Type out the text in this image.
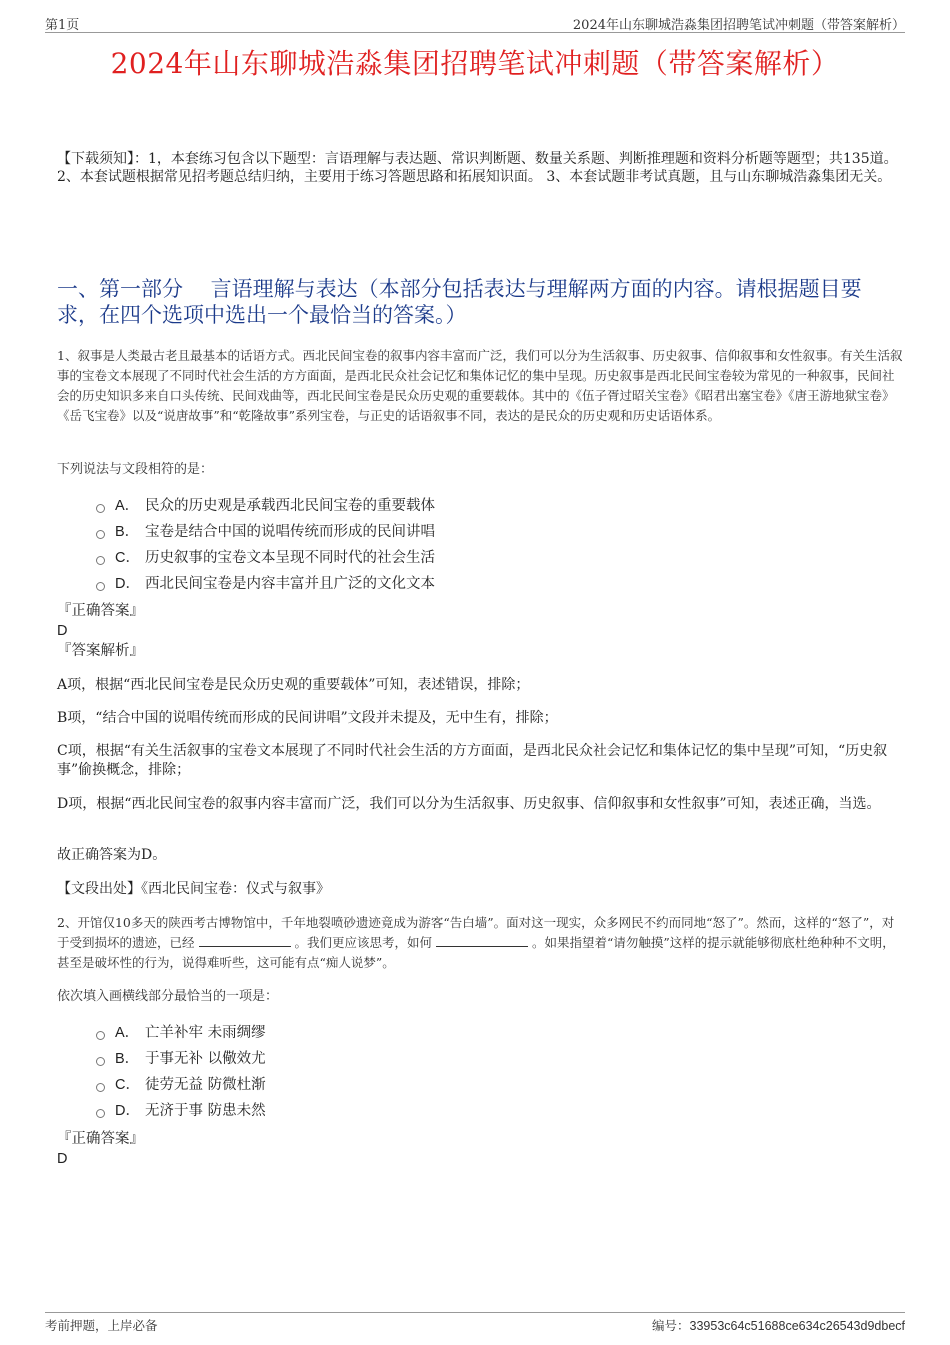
第1页	2024年山东聊城浩淼集团招聘笔试冲刺题（带答案解析）
2024年山东聊城浩淼集团招聘笔试冲刺题（带答案解析）
【下载须知】：1，本套练习包含以下题型：言语理解与表达题、常识判断题、数量关系题、判断推理题和资料分析题等题型；共135道。 2、本套试题根据常见招考题总结归纳，主要用于练习答题思路和拓展知识面。 3、本套试题非考试真题，且与山东聊城浩淼集团无关。
一、第一部分　 言语理解与表达（本部分包括表达与理解两方面的内容。请根据题目要求，在四个选项中选出一个最恰当的答案。）
1、叙事是人类最古老且最基本的话语方式。西北民间宝卷的叙事内容丰富而广泛，我们可以分为生活叙事、历史叙事、信仰叙事和女性叙事。有关生活叙事的宝卷文本展现了不同时代社会生活的方方面面，是西北民众社会记忆和集体记忆的集中呈现。历史叙事是西北民间宝卷较为常见的一种叙事，民间社会的历史知识多来自口头传统、民间戏曲等，西北民间宝卷是民众历史观的重要载体。其中的《伍子胥过昭关宝卷》《昭君出塞宝卷》《唐王游地狱宝卷》《岳飞宝卷》以及“说唐故事”和“乾隆故事”系列宝卷，与正史的话语叙事不同，表达的是民众的历史观和历史话语体系。
下列说法与文段相符的是：
A． 民众的历史观是承载西北民间宝卷的重要载体
B． 宝卷是结合中国的说唱传统而形成的民间讲唱
C． 历史叙事的宝卷文本呈现不同时代的社会生活
D． 西北民间宝卷是内容丰富并且广泛的文化文本
『正确答案』
D
『答案解析』
A项，根据“西北民间宝卷是民众历史观的重要载体”可知，表述错误，排除；
B项，“结合中国的说唱传统而形成的民间讲唱”文段并未提及，无中生有，排除；
C项，根据“有关生活叙事的宝卷文本展现了不同时代社会生活的方方面面，是西北民众社会记忆和集体记忆的集中呈现”可知，“历史叙事”偷换概念，排除；
D项，根据“西北民间宝卷的叙事内容丰富而广泛，我们可以分为生活叙事、历史叙事、信仰叙事和女性叙事”可知，表述正确，当选。
故正确答案为D。
【文段出处】《西北民间宝卷：仪式与叙事》
2、开馆仅10多天的陕西考古博物馆中，千年地裂喷砂遗迹竟成为游客“告白墙”。面对这一现实，众多网民不约而同地“怒了”。然而，这样的“怒了”，对于受到损坏的遗迹，已经	。我们更应该思考，如何	。如果指望着“请勿触摸”这样的提示就能够彻底杜绝种种不文明，甚至是破坏性的行为，说得难听些，这可能有点“痴人说梦”。
依次填入画横线部分最恰当的一项是：
A． 亡羊补牢 未雨绸缪
B． 于事无补 以儆效尤
C． 徒劳无益 防微杜渐
D． 无济于事 防患未然
『正确答案』
D
考前押题，上岸必备	编号：33953c64c51688ce634c26543d9dbecf
